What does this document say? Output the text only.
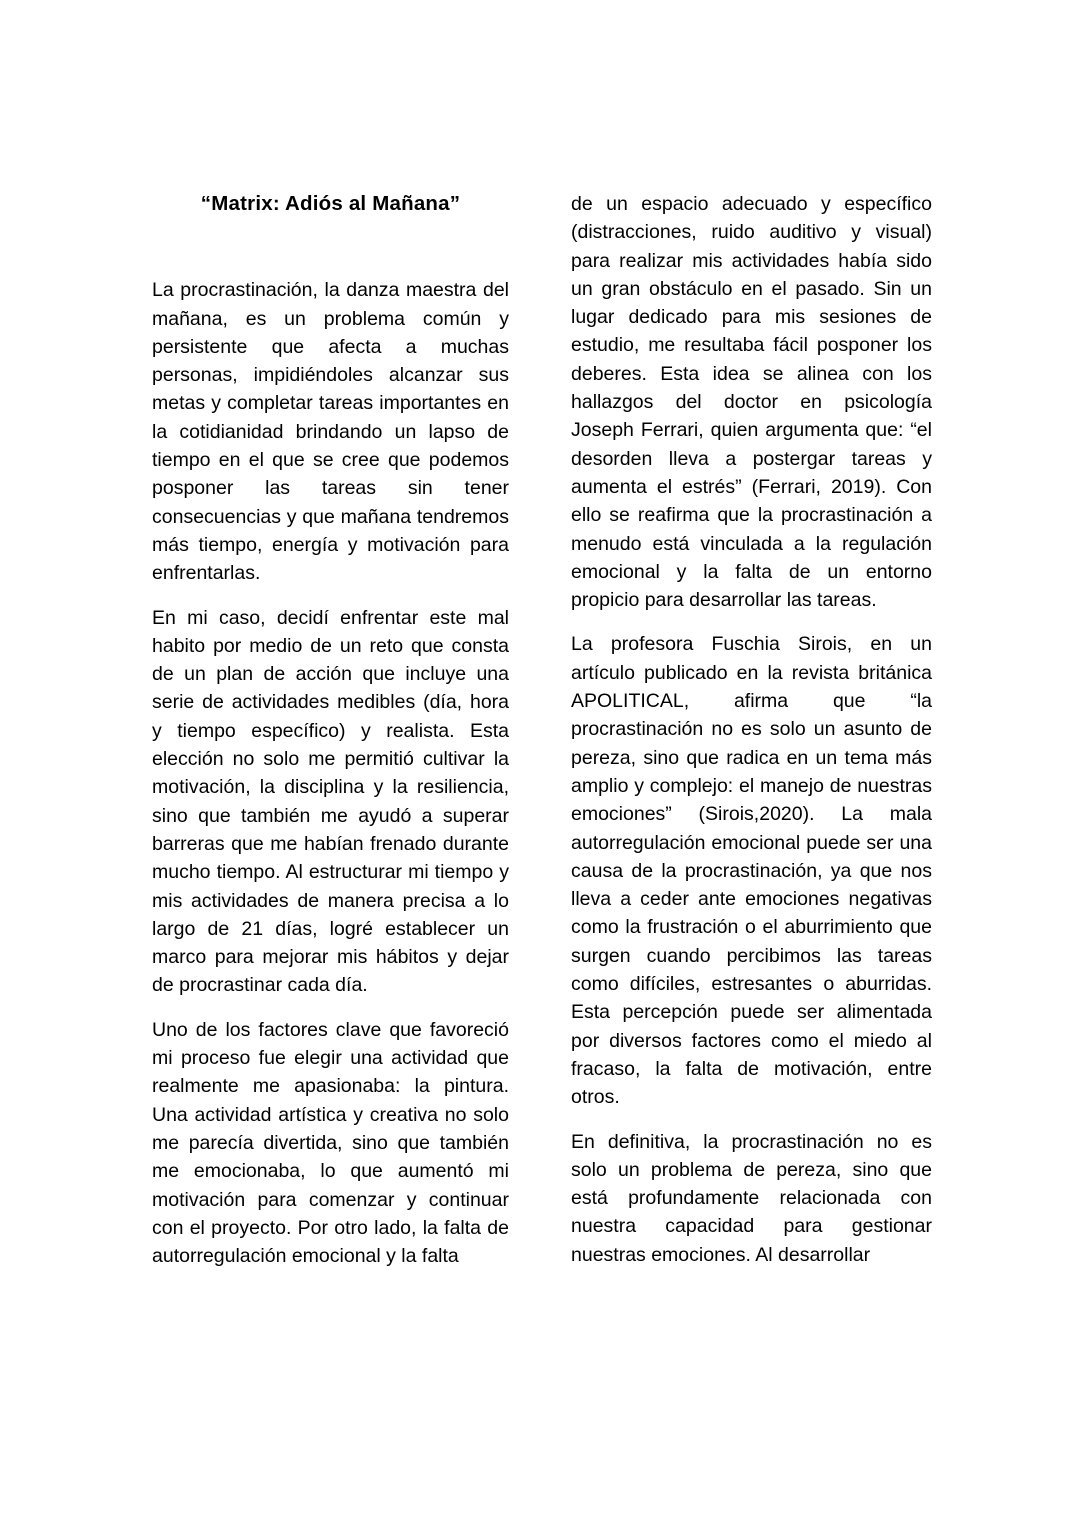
“Matrix: Adiós al Mañana”

La procrastinación, la danza maestra del mañana, es un problema común y persistente que afecta a muchas personas, impidiéndoles alcanzar sus metas y completar tareas importantes en la cotidianidad brindando un lapso de tiempo en el que se cree que podemos posponer las tareas sin tener consecuencias y que mañana tendremos más tiempo, energía y motivación para enfrentarlas.

En mi caso, decidí enfrentar este mal habito por medio de un reto que consta de un plan de acción que incluye una serie de actividades medibles (día, hora y tiempo específico) y realista. Esta elección no solo me permitió cultivar la motivación, la disciplina y la resiliencia, sino que también me ayudó a superar barreras que me habían frenado durante mucho tiempo. Al estructurar mi tiempo y mis actividades de manera precisa a lo largo de 21 días, logré establecer un marco para mejorar mis hábitos y dejar de procrastinar cada día.

Uno de los factores clave que favoreció mi proceso fue elegir una actividad que realmente me apasionaba: la pintura. Una actividad artística y creativa no solo me parecía divertida, sino que también me emocionaba, lo que aumentó mi motivación para comenzar y continuar con el proyecto. Por otro lado, la falta de autorregulación emocional y la falta

de un espacio adecuado y específico (distracciones, ruido auditivo y visual) para realizar mis actividades había sido un gran obstáculo en el pasado. Sin un lugar dedicado para mis sesiones de estudio, me resultaba fácil posponer los deberes. Esta idea se alinea con los hallazgos del doctor en psicología Joseph Ferrari, quien argumenta que: “el desorden lleva a postergar tareas y aumenta el estrés” (Ferrari, 2019). Con ello se reafirma que la procrastinación a menudo está vinculada a la regulación emocional y la falta de un entorno propicio para desarrollar las tareas.

La profesora Fuschia Sirois, en un artículo publicado en la revista británica APOLITICAL, afirma que “la procrastinación no es solo un asunto de pereza, sino que radica en un tema más amplio y complejo: el manejo de nuestras emociones” (Sirois,2020). La mala autorregulación emocional puede ser una causa de la procrastinación, ya que nos lleva a ceder ante emociones negativas como la frustración o el aburrimiento que surgen cuando percibimos las tareas como difíciles, estresantes o aburridas. Esta percepción puede ser alimentada por diversos factores como el miedo al fracaso, la falta de motivación, entre otros.

En definitiva, la procrastinación no es solo un problema de pereza, sino que está profundamente relacionada con nuestra capacidad para gestionar nuestras emociones. Al desarrollar
